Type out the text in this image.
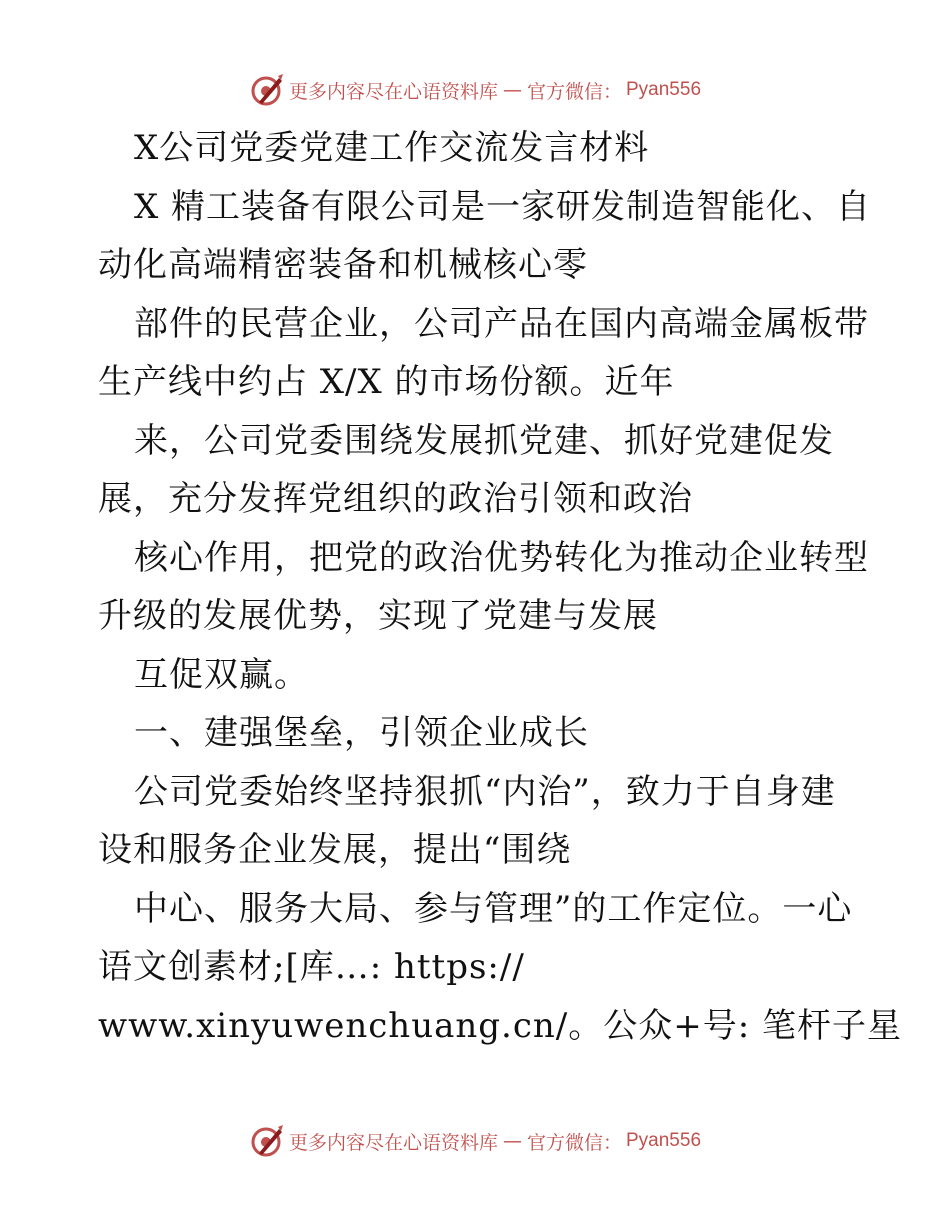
更多内容尽在心语资料库 — 官方微信： Pyan556
X公司党委党建工作交流发言材料
X 精工装备有限公司是一家研发制造智能化、自
动化高端精密装备和机械核心零
部件的民营企业，公司产品在国内高端金属板带
生产线中约占 X/X 的市场份额。近年
来，公司党委围绕发展抓党建、抓好党建促发
展，充分发挥党组织的政治引领和政治
核心作用，把党的政治优势转化为推动企业转型
升级的发展优势，实现了党建与发展
互促双赢。
一、建强堡垒，引领企业成长
公司党委始终坚持狠抓“内治”，致力于自身建
设和服务企业发展，提出“围绕
中心、服务大局、参与管理”的工作定位。一心
语文创素材;[库…: https://
www.xinyuwenchuang.cn/。公众+号: 笔杆子星
更多内容尽在心语资料库 — 官方微信： Pyan556
